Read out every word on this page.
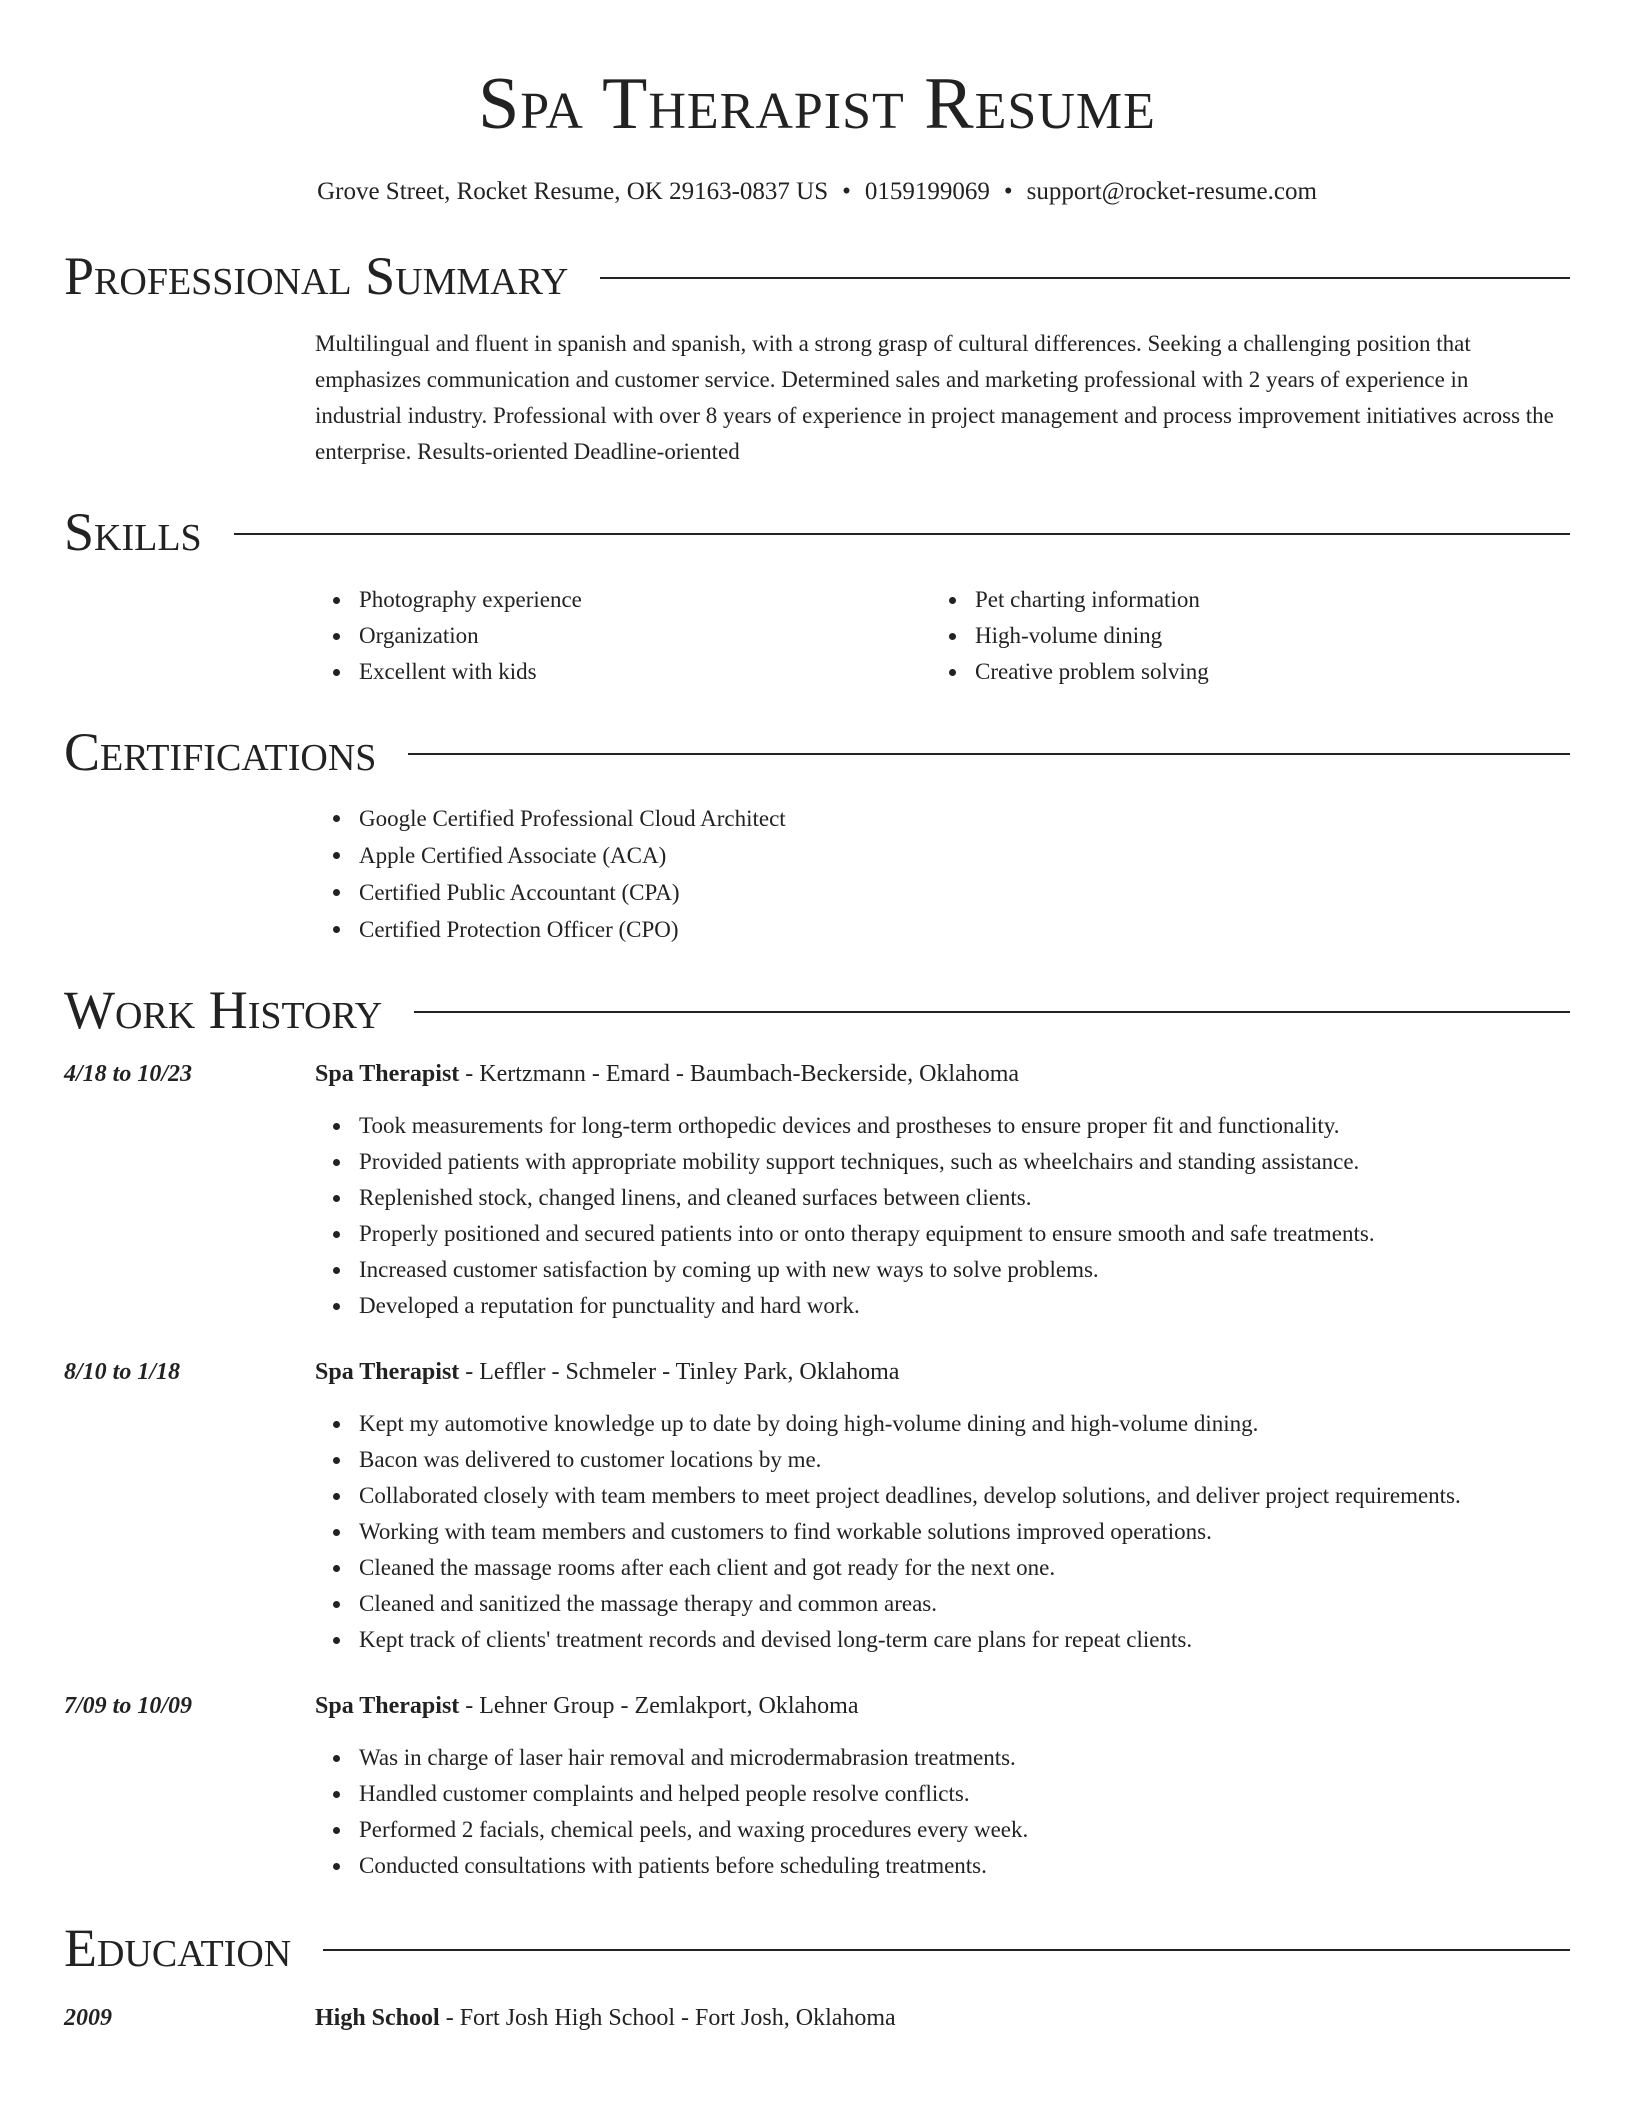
Spa Therapist Resume
Grove Street, Rocket Resume, OK 29163-0837 US • 0159199069 • support@rocket-resume.com
Professional Summary
Multilingual and fluent in spanish and spanish, with a strong grasp of cultural differences. Seeking a challenging position that emphasizes communication and customer service. Determined sales and marketing professional with 2 years of experience in industrial industry. Professional with over 8 years of experience in project management and process improvement initiatives across the enterprise. Results-oriented Deadline-oriented
Skills
Photography experience
Organization
Excellent with kids
Pet charting information
High-volume dining
Creative problem solving
Certifications
Google Certified Professional Cloud Architect
Apple Certified Associate (ACA)
Certified Public Accountant (CPA)
Certified Protection Officer (CPO)
Work History
4/18 to 10/23	Spa Therapist - Kertzmann - Emard - Baumbach-Beckerside, Oklahoma
Took measurements for long-term orthopedic devices and prostheses to ensure proper fit and functionality.
Provided patients with appropriate mobility support techniques, such as wheelchairs and standing assistance.
Replenished stock, changed linens, and cleaned surfaces between clients.
Properly positioned and secured patients into or onto therapy equipment to ensure smooth and safe treatments.
Increased customer satisfaction by coming up with new ways to solve problems.
Developed a reputation for punctuality and hard work.
8/10 to 1/18	Spa Therapist - Leffler - Schmeler - Tinley Park, Oklahoma
Kept my automotive knowledge up to date by doing high-volume dining and high-volume dining.
Bacon was delivered to customer locations by me.
Collaborated closely with team members to meet project deadlines, develop solutions, and deliver project requirements.
Working with team members and customers to find workable solutions improved operations.
Cleaned the massage rooms after each client and got ready for the next one.
Cleaned and sanitized the massage therapy and common areas.
Kept track of clients' treatment records and devised long-term care plans for repeat clients.
7/09 to 10/09	Spa Therapist - Lehner Group - Zemlakport, Oklahoma
Was in charge of laser hair removal and microdermabrasion treatments.
Handled customer complaints and helped people resolve conflicts.
Performed 2 facials, chemical peels, and waxing procedures every week.
Conducted consultations with patients before scheduling treatments.
Education
2009	High School - Fort Josh High School - Fort Josh, Oklahoma
